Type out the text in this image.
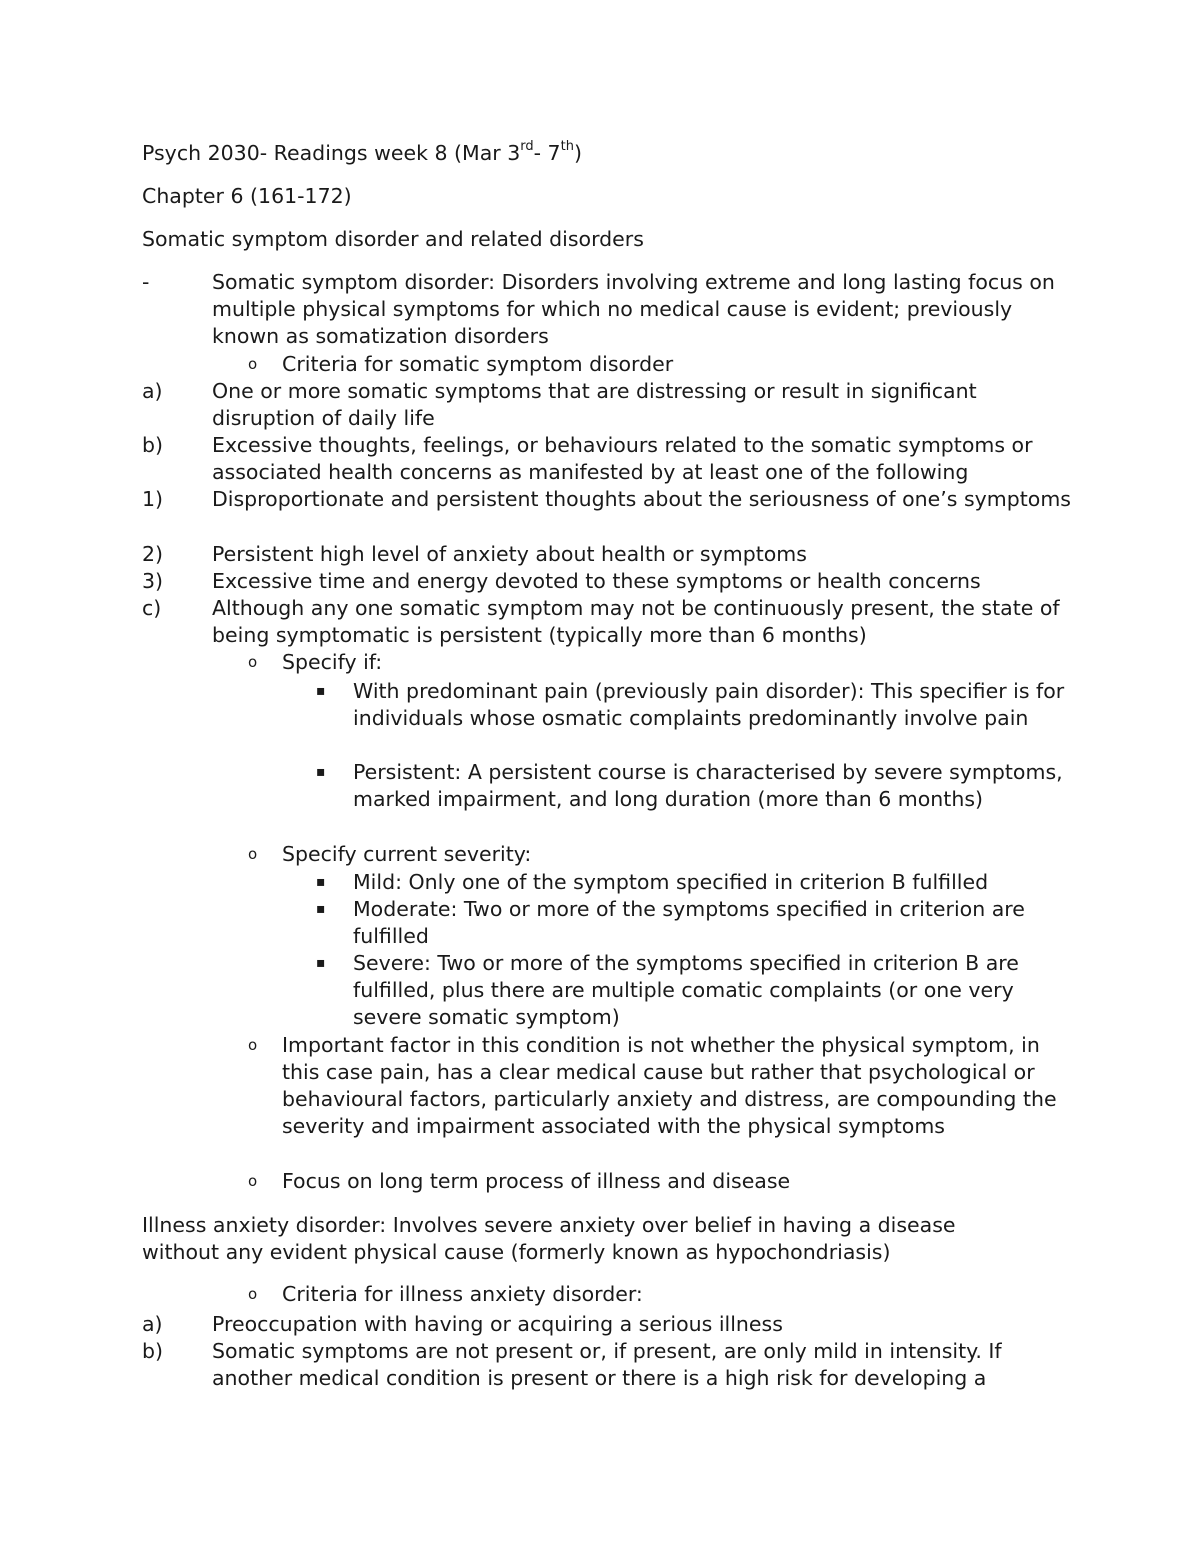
Psych 2030- Readings week 8 (Mar 3rd- 7th)

Chapter 6 (161-172)

Somatic symptom disorder and related disorders

-	Somatic symptom disorder: Disorders involving extreme and long lasting focus on multiple physical symptoms for which no medical cause is evident; previously known as somatization disorders
o	Criteria for somatic symptom disorder
a)	One or more somatic symptoms that are distressing or result in significant disruption of daily life
b)	Excessive thoughts, feelings, or behaviours related to the somatic symptoms or associated health concerns as manifested by at least one of the following
1)	Disproportionate and persistent thoughts about the seriousness of one’s symptoms
2)	Persistent high level of anxiety about health or symptoms
3)	Excessive time and energy devoted to these symptoms or health concerns
c)	Although any one somatic symptom may not be continuously present, the state of being symptomatic is persistent (typically more than 6 months)
o	Specify if:
▪	With predominant pain (previously pain disorder): This specifier is for individuals whose osmatic complaints predominantly involve pain
▪	Persistent: A persistent course is characterised by severe symptoms, marked impairment, and long duration (more than 6 months)
o	Specify current severity:
▪	Mild: Only one of the symptom specified in criterion B fulfilled
▪	Moderate: Two or more of the symptoms specified in criterion are fulfilled
▪	Severe: Two or more of the symptoms specified in criterion B are fulfilled, plus there are multiple comatic complaints (or one very severe somatic symptom)
o	Important factor in this condition is not whether the physical symptom, in this case pain, has a clear medical cause but rather that psychological or behavioural factors, particularly anxiety and distress, are compounding the severity and impairment associated with the physical symptoms
o	Focus on long term process of illness and disease

Illness anxiety disorder: Involves severe anxiety over belief in having a disease without any evident physical cause (formerly known as hypochondriasis)

o	Criteria for illness anxiety disorder:
a)	Preoccupation with having or acquiring a serious illness
b)	Somatic symptoms are not present or, if present, are only mild in intensity. If another medical condition is present or there is a high risk for developing a
